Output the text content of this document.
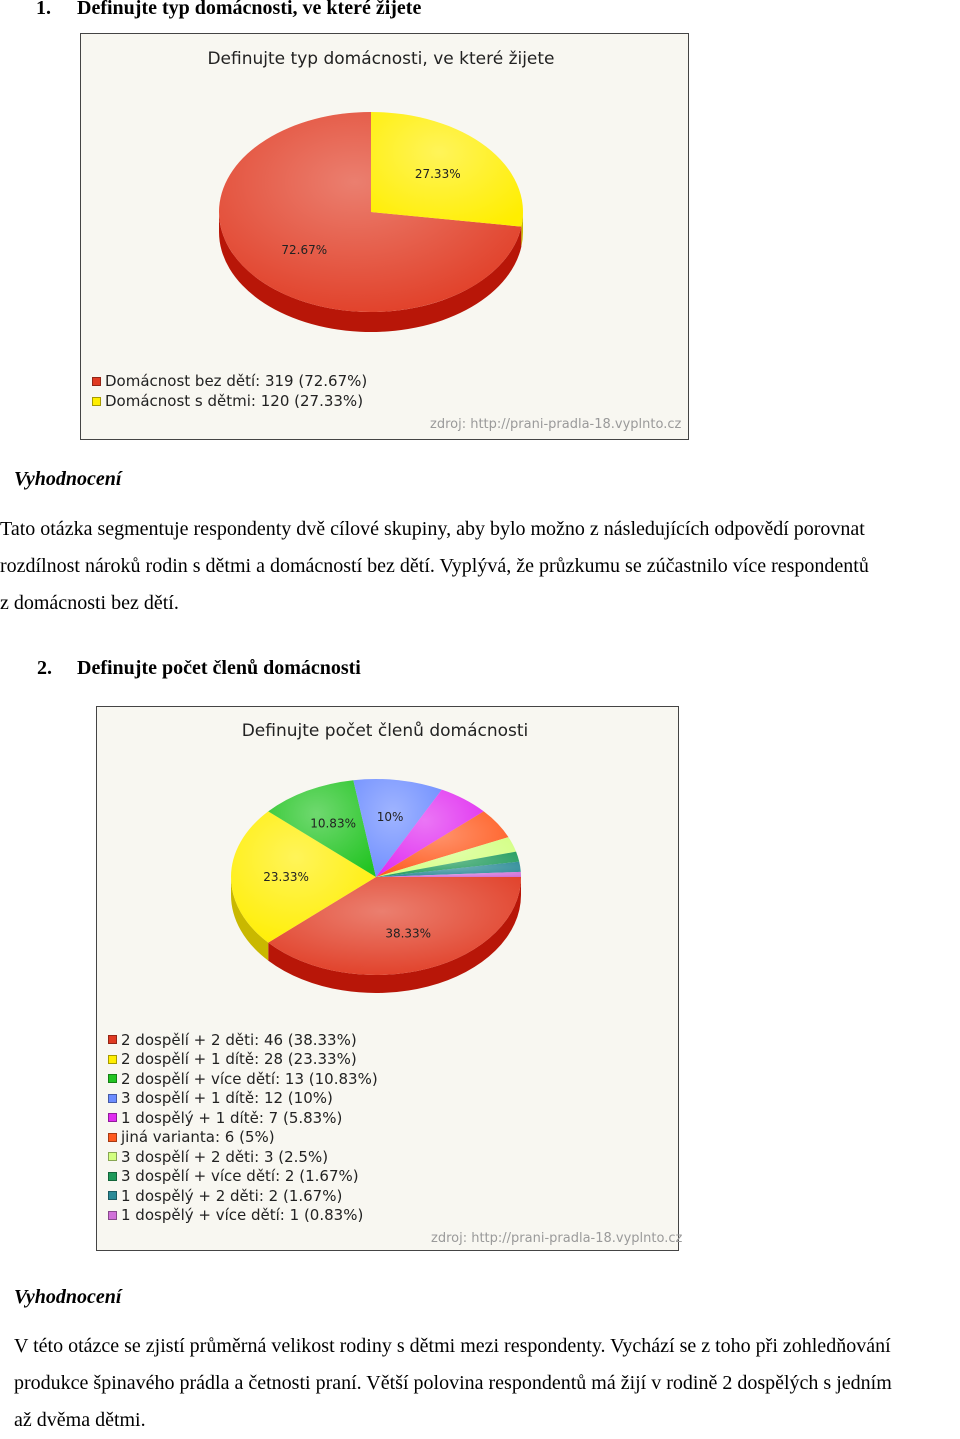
1. Definujte typ domácnosti, ve které žijete
Definujte typ domácnosti, ve které žijete
72.67%
27.33%
Domácnost bez dětí: 319 (72.67%)
Domácnost s dětmi: 120 (27.33%)
zdroj: http://prani-pradla-18.vyplnto.cz
Vyhodnocení
Tato otázka segmentuje respondenty dvě cílové skupiny, aby bylo možno z následujících odpovědí porovnat
rozdílnost nároků rodin s dětmi a domácností bez dětí. Vyplývá, že průzkumu se zúčastnilo více respondentů
z domácnosti bez dětí.
2. Definujte počet členů domácnosti
Definujte počet členů domácnosti
38.33%
23.33%
10.83% 10%
2 dospělí + 2 děti: 46 (38.33%)
2 dospělí + 1 dítě: 28 (23.33%)
2 dospělí + více dětí: 13 (10.83%)
3 dospělí + 1 dítě: 12 (10%)
1 dospělý + 1 dítě: 7 (5.83%)
jiná varianta: 6 (5%)
3 dospělí + 2 děti: 3 (2.5%)
3 dospělí + více dětí: 2 (1.67%)
1 dospělý + 2 děti: 2 (1.67%)
1 dospělý + více dětí: 1 (0.83%)
zdroj: http://prani-pradla-18.vyplnto.cz
Vyhodnocení
V této otázce se zjistí průměrná velikost rodiny s dětmi mezi respondenty. Vychází se z toho při zohledňování
produkce špinavého prádla a četnosti praní. Větší polovina respondentů má žijí v rodině 2 dospělých s jedním
až dvěma dětmi.
